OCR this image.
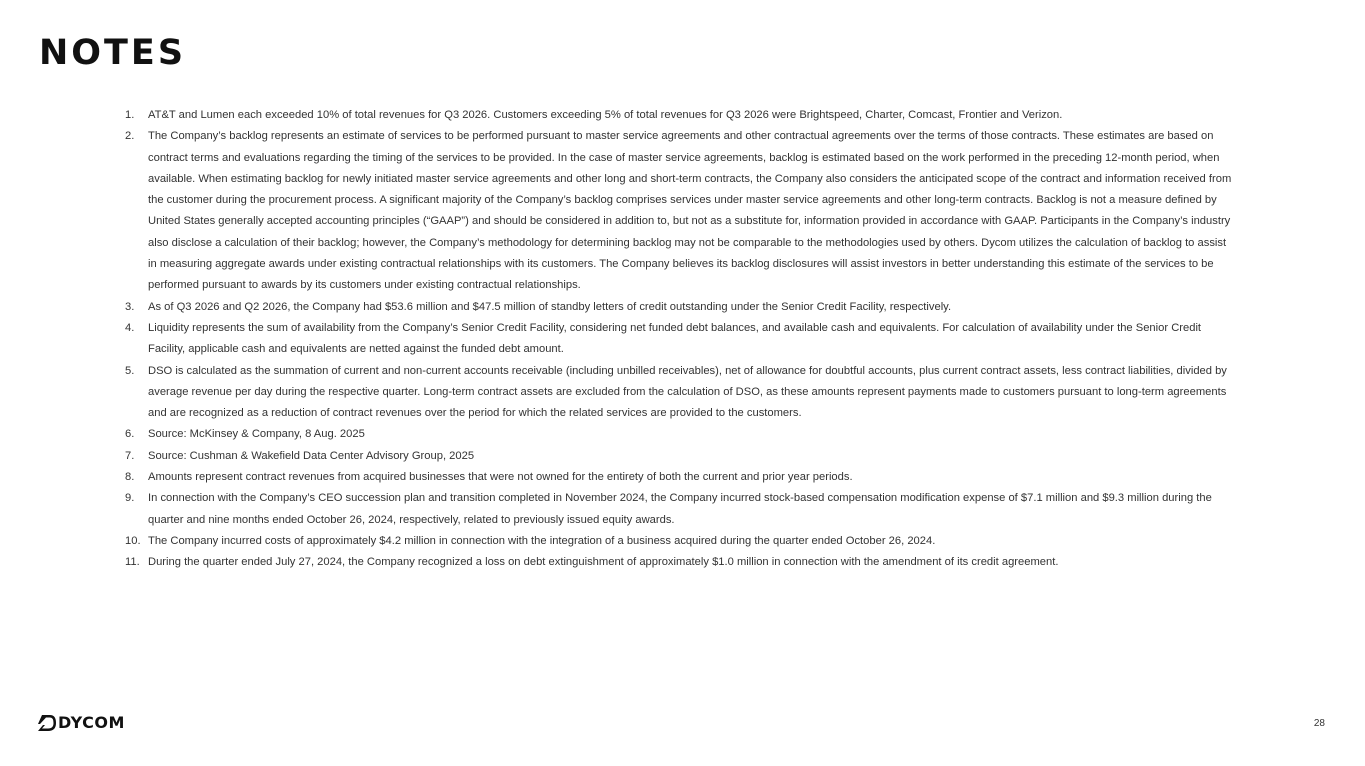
NOTES
1.	AT&T and Lumen each exceeded 10% of total revenues for Q3 2026. Customers exceeding 5% of total revenues for Q3 2026 were Brightspeed, Charter, Comcast, Frontier and Verizon.
2.	The Company’s backlog represents an estimate of services to be performed pursuant to master service agreements and other contractual agreements over the terms of those contracts. These estimates are based on contract terms and evaluations regarding the timing of the services to be provided. In the case of master service agreements, backlog is estimated based on the work performed in the preceding 12-month period, when available. When estimating backlog for newly initiated master service agreements and other long and short-term contracts, the Company also considers the anticipated scope of the contract and information received from the customer during the procurement process. A significant majority of the Company’s backlog comprises services under master service agreements and other long-term contracts. Backlog is not a measure defined by United States generally accepted accounting principles (“GAAP”) and should be considered in addition to, but not as a substitute for, information provided in accordance with GAAP. Participants in the Company’s industry also disclose a calculation of their backlog; however, the Company’s methodology for determining backlog may not be comparable to the methodologies used by others. Dycom utilizes the calculation of backlog to assist in measuring aggregate awards under existing contractual relationships with its customers. The Company believes its backlog disclosures will assist investors in better understanding this estimate of the services to be performed pursuant to awards by its customers under existing contractual relationships.
3.	As of Q3 2026 and Q2 2026, the Company had $53.6 million and $47.5 million of standby letters of credit outstanding under the Senior Credit Facility, respectively.
4.	Liquidity represents the sum of availability from the Company’s Senior Credit Facility, considering net funded debt balances, and available cash and equivalents. For calculation of availability under the Senior Credit Facility, applicable cash and equivalents are netted against the funded debt amount.
5.	DSO is calculated as the summation of current and non-current accounts receivable (including unbilled receivables), net of allowance for doubtful accounts, plus current contract assets, less contract liabilities, divided by average revenue per day during the respective quarter. Long-term contract assets are excluded from the calculation of DSO, as these amounts represent payments made to customers pursuant to long-term agreements and are recognized as a reduction of contract revenues over the period for which the related services are provided to the customers.
6.	Source: McKinsey & Company, 8 Aug. 2025
7.	Source: Cushman & Wakefield Data Center Advisory Group, 2025
8.	Amounts represent contract revenues from acquired businesses that were not owned for the entirety of both the current and prior year periods.
9.	In connection with the Company’s CEO succession plan and transition completed in November 2024, the Company incurred stock-based compensation modification expense of $7.1 million and $9.3 million during the quarter and nine months ended October 26, 2024, respectively, related to previously issued equity awards.
10. The Company incurred costs of approximately $4.2 million in connection with the integration of a business acquired during the quarter ended October 26, 2024.
11. During the quarter ended July 27, 2024, the Company recognized a loss on debt extinguishment of approximately $1.0 million in connection with the amendment of its credit agreement.
DYCOM	28
